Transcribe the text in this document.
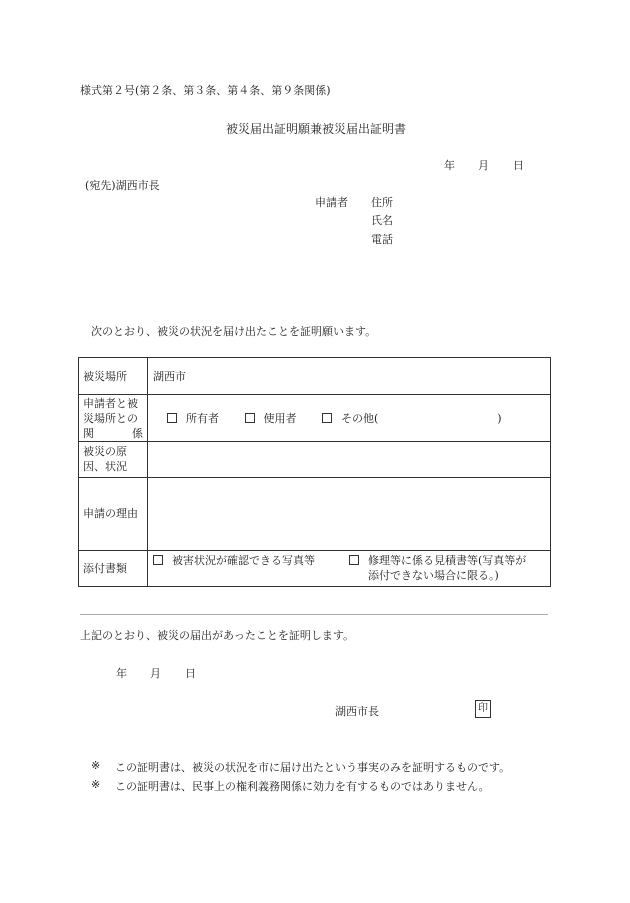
様式第２号(第２条、第３条、第４条、第９条関係)
被災届出証明願兼被災届出証明書
年 月 日
(宛先)湖西市長
申請者 住所
氏名
電話
次のとおり、被災の状況を届け出たことを証明願います。
被災場所	湖西市

申請者と被
災場所との
関 係	所有者 使用者 その他( )

被災の原
因、状況	

申請の理由	

添付書類	被害状況が確認できる写真等 修理等に係る見積書等(写真等が
添付できない場合に限る。)
上記のとおり、被災の届出があったことを証明します。
年 月 日
湖西市長	印
※ この証明書は、被災の状況を市に届け出たという事実のみを証明するものです。
※ この証明書は、民事上の権利義務関係に効力を有するものではありません。
